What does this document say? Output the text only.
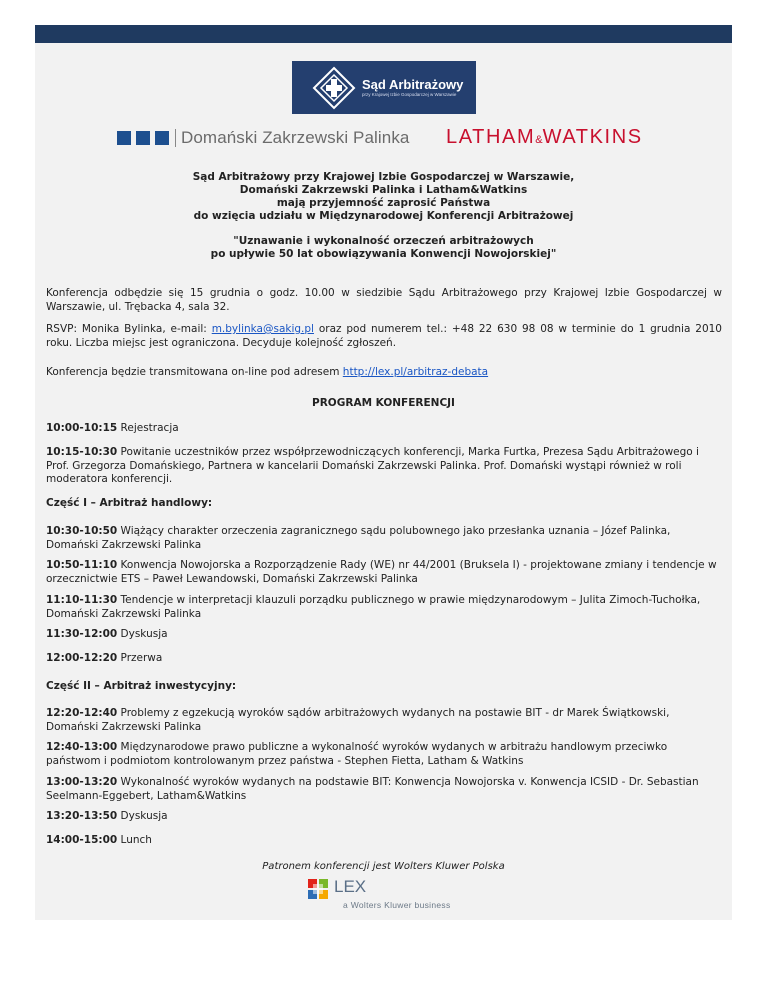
Sąd Arbitrażowy
przy Krajowej Izbie Gospodarczej w Warszawie
Domański Zakrzewski Palinka LATHAM&WATKINS
Sąd Arbitrażowy przy Krajowej Izbie Gospodarczej w Warszawie,
Domański Zakrzewski Palinka i Latham&Watkins
mają przyjemność zaprosić Państwa
do wzięcia udziału w Międzynarodowej Konferencji Arbitrażowej
"Uznawanie i wykonalność orzeczeń arbitrażowych
po upływie 50 lat obowiązywania Konwencji Nowojorskiej"
Konferencja odbędzie się 15 grudnia o godz. 10.00 w siedzibie Sądu Arbitrażowego przy Krajowej Izbie Gospodarczej w Warszawie, ul. Trębacka 4, sala 32.
RSVP: Monika Bylinka, e-mail: m.bylinka@sakig.pl oraz pod numerem tel.: +48 22 630 98 08 w terminie do 1 grudnia 2010 roku. Liczba miejsc jest ograniczona. Decyduje kolejność zgłoszeń.
Konferencja będzie transmitowana on-line pod adresem http://lex.pl/arbitraz-debata
PROGRAM KONFERENCJI
10:00-10:15 Rejestracja
10:15-10:30 Powitanie uczestników przez współprzewodniczących konferencji, Marka Furtka, Prezesa Sądu Arbitrażowego i Prof. Grzegorza Domańskiego, Partnera w kancelarii Domański Zakrzewski Palinka. Prof. Domański wystąpi również w roli moderatora konferencji.
Część I – Arbitraż handlowy:
10:30-10:50 Wiążący charakter orzeczenia zagranicznego sądu polubownego jako przesłanka uznania – Józef Palinka, Domański Zakrzewski Palinka
10:50-11:10 Konwencja Nowojorska a Rozporządzenie Rady (WE) nr 44/2001 (Bruksela I) - projektowane zmiany i tendencje w orzecznictwie ETS – Paweł Lewandowski, Domański Zakrzewski Palinka
11:10-11:30 Tendencje w interpretacji klauzuli porządku publicznego w prawie międzynarodowym – Julita Zimoch-Tuchołka, Domański Zakrzewski Palinka
11:30-12:00 Dyskusja
12:00-12:20 Przerwa
Część II – Arbitraż inwestycyjny:
12:20-12:40 Problemy z egzekucją wyroków sądów arbitrażowych wydanych na postawie BIT - dr Marek Świątkowski, Domański Zakrzewski Palinka
12:40-13:00 Międzynarodowe prawo publiczne a wykonalność wyroków wydanych w arbitrażu handlowym przeciwko państwom i podmiotom kontrolowanym przez państwa - Stephen Fietta, Latham & Watkins
13:00-13:20 Wykonalność wyroków wydanych na podstawie BIT: Konwencja Nowojorska v. Konwencja ICSID - Dr. Sebastian Seelmann-Eggebert, Latham&Watkins
13:20-13:50 Dyskusja
14:00-15:00 Lunch
Patronem konferencji jest Wolters Kluwer Polska
LEX
a Wolters Kluwer business
